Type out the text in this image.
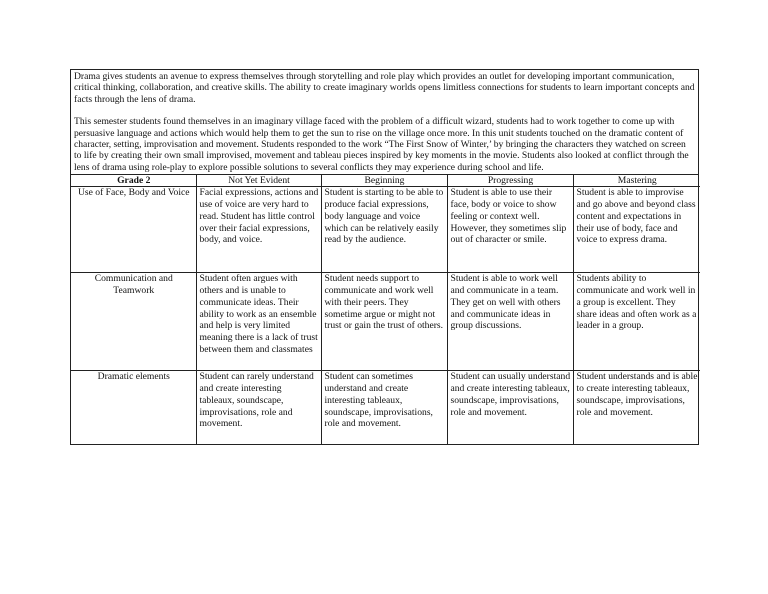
Drama gives students an avenue to express themselves through storytelling and role play which provides an outlet for developing important communication, critical thinking, collaboration, and creative skills. The ability to create imaginary worlds opens limitless connections for students to learn important concepts and facts through the lens of drama.

This semester students found themselves in an imaginary village faced with the problem of a difficult wizard, students had to work together to come up with persuasive language and actions which would help them to get the sun to rise on the village once more. In this unit students touched on the dramatic content of character, setting, improvisation and movement. Students responded to the work “The First Snow of Winter,’ by bringing the characters they watched on screen to life by creating their own small improvised, movement and tableau pieces inspired by key moments in the movie. Students also looked at conflict through the lens of drama using role-play to explore possible solutions to several conflicts they may experience during school and life.

Grade 2	Not Yet Evident	Beginning	Progressing	Mastering
Use of Face, Body and Voice	Facial expressions, actions and use of voice are very hard to read. Student has little control over their facial expressions, body, and voice.	Student is starting to be able to produce facial expressions, body language and voice which can be relatively easily read by the audience.	Student is able to use their face, body or voice to show feeling or context well. However, they sometimes slip out of character or smile.	Student is able to improvise and go above and beyond class content and expectations in their use of body, face and voice to express drama.
Communication and Teamwork	Student often argues with others and is unable to communicate ideas. Their ability to work as an ensemble and help is very limited meaning there is a lack of trust between them and classmates	Student needs support to communicate and work well with their peers. They sometime argue or might not trust or gain the trust of others.	Student is able to work well and communicate in a team. They get on well with others and communicate ideas in group discussions.	Students ability to communicate and work well in a group is excellent. They share ideas and often work as a leader in a group.
Dramatic elements	Student can rarely understand and create interesting tableaux, soundscape, improvisations, role and movement.	Student can sometimes understand and create interesting tableaux, soundscape, improvisations, role and movement.	Student can usually understand and create interesting tableaux, soundscape, improvisations, role and movement.	Student understands and is able to create interesting tableaux, soundscape, improvisations, role and movement.
